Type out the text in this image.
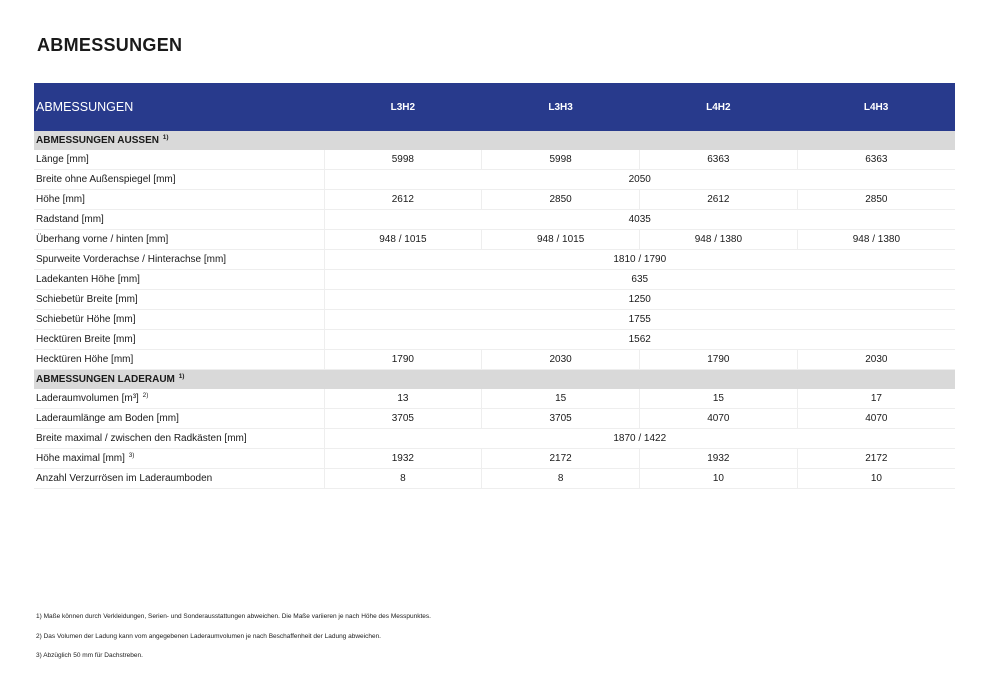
ABMESSUNGEN
ABMESSUNGEN	L3H2	L3H3	L4H2	L4H3
ABMESSUNGEN AUSSEN $^{1)}$
Länge [mm]	5998	5998	6363	6363
Breite ohne Außenspiegel [mm]	2050			
Höhe [mm]	2612	2850	2612	2850
Radstand [mm]	4035			
Überhang vorne / hinten [mm]	948 / 1015	948 / 1015	948 / 1380	948 / 1380
Spurweite Vorderachse / Hinterachse [mm]	1810 / 1790			
Ladekanten Höhe [mm]	635			
Schiebetür Breite [mm]	1250			
Schiebetür Höhe [mm]	1755			
Hecktüren Breite [mm]	1562			
Hecktüren Höhe [mm]	1790	2030	1790	2030
ABMESSUNGEN LADERAUM $^{1)}$
Laderaumvolumen [m³] $^{2)}$	13	15	15	17
Laderaumlänge am Boden [mm]	3705	3705	4070	4070
Breite maximal / zwischen den Radkästen [mm]	1870 / 1422			
Höhe maximal [mm] $^{3)}$	1932	2172	1932	2172
Anzahl Verzurrösen im Laderaumboden	8	8	10	10
1) Maße können durch Verkleidungen, Serien- und Sonderausstattungen abweichen. Die Maße variieren je nach Höhe des Messpunktes.
2) Das Volumen der Ladung kann vom angegebenen Laderaumvolumen je nach Beschaffenheit der Ladung abweichen.
3) Abzüglich 50 mm für Dachstreben.
